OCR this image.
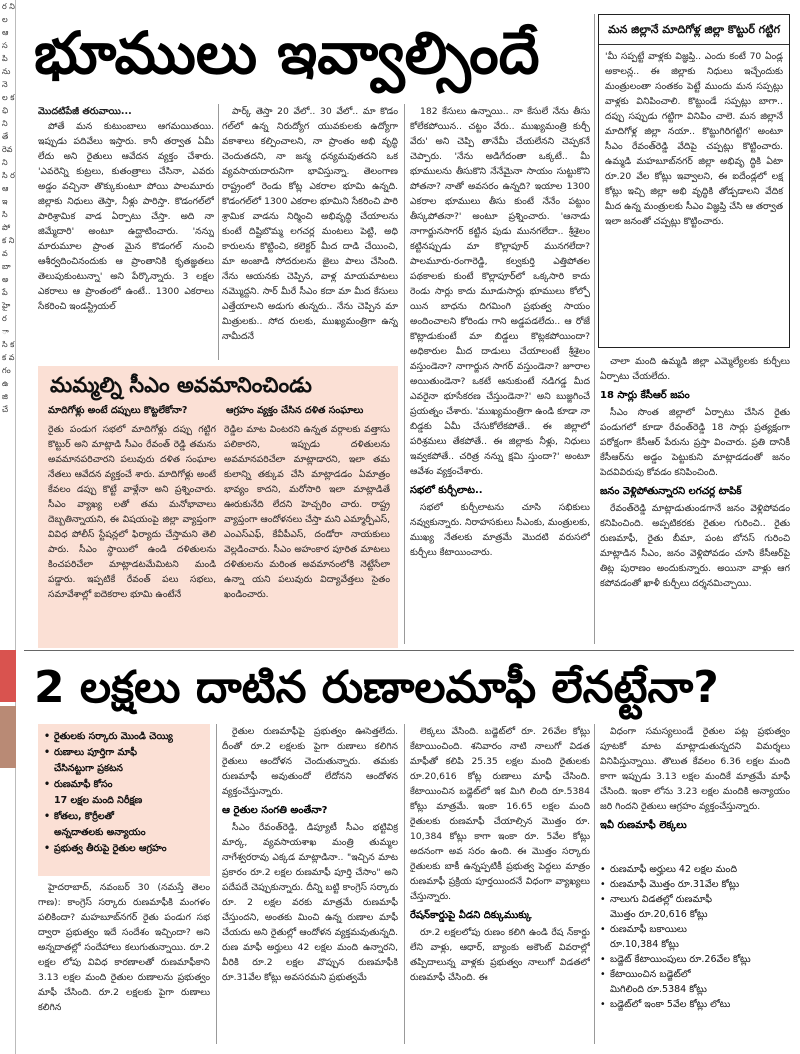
ర ని ల ఆ స పి ను నె ల క ఛి ని తే రెవ ని సి ర ఆ ఇ సి పో క ని వ బా అ పే హై ర ా సి క క వ గం ఉ జి చే
భూములు ఇవ్వాల్సిందే

మొదటిపేజీ తరువాయి...

పోతే మన కుటుంబాలు ఆగమయితయి. ఇప్పుడు పదివేలు ఇస్తారు. కానీ తర్వాత ఏమీ లేదు అని రైతులు ఆవేదన వ్యక్తం చేశారు. 'ఎవరెన్ని కుట్రలు, కుతంత్రాలు చేసినా, ఎవరు అడ్డం వచ్చినా తొక్కుకుంటూ పోయి పాలమూరు జిల్లాకు నిధులు తెస్తా, నీళ్లు పారిస్తా. కొడంగల్‌లో పారిశ్రామిక వాడ ఏర్పాటు చేస్తా. అది నా జిమ్మేదారి' అంటూ ఉద్ఘాటించారు. 'నన్ను మారుమూల ప్రాంత మైన కొడంగల్ నుంచి ఆశీర్వదించినందుకు ఆ ప్రాంతానికి కృతజ్ఞతలు తెలుపుకుంటున్నా' అని పేర్కొన్నారు. 3 లక్షల ఎకరాలు ఆ ప్రాంతంలో ఉంటే.. 1300 ఎకరాలు సేకరించి ఇండస్ట్రియల్

పార్క్ తెస్తా 20 వేలో.. 30 వేలో.. మా కొడం గల్‌లో ఉన్న నిరుద్యోగ యువకులకు ఉద్యోగా వకాశాలు కల్పించాలని, నా ప్రాంతం అభి వృద్ధి చెందుతదని, నా జన్మ ధన్యమవుతదని ఒక వ్యవసాయదారునిగా భావిస్తున్నా. తెలంగాణ రాష్ట్రంలో రెండు కోట్ల ఎకరాల భూమి ఉన్నది. కొడంగల్‌లో 1300 ఎకరాల భూమిని సేకరించి పారి శ్రామిక వాడను నిర్మించి అభివృద్ధి చేయాలను కుంటే దిష్టిబొమ్మ లగచర్ల మంటలు పెట్టి, అధి కారులను కొట్టించి, కలెక్టర్ మీద దాడి చేయించి, మా అంజాడి సోదరులను జైలు పాలు చేసింది. నేను ఆయనకు చెప్పిన, వాళ్ల మాయమాటలు నమ్మొద్దని. సార్ మీరే సీఎం కదా మా మీద కేసులు ఎత్తేయాలని అడుగు తున్నరు.. నేను చెప్పిన మా మిత్రులకు.. సోద రులకు, ముఖ్యమంత్రిగా ఉన్న నామీదనే

182 కేసులు ఉన్నాయి.. నా కేసులే నేను తీసు కోలేకపోయిన.. చట్టం వేరు.. ముఖ్యమంత్రి కుర్చీ వేరు' అని చెప్పి తానేమీ చేయలేనని చెప్పకనే చెప్పారు. 'నేను అడిగేదంతా ఒక్కటే.. మీ భూములను తీసుకొని నేనేమైనా సాయం సుట్టుకొని పోతనా? నాతో అవసరం ఉన్నది? ఇయాల 1300 ఎకరాల భూములు తీసు కుంటే నేనేం పట్టుం తీస్కపోతనా?' అంటూ ప్రశ్నించారు. 'ఆనాడు నాగార్జునసాగర్ కట్టిన పుడు మునగలేదా.. శ్రీశైలం కట్టినప్పుడు మా కొల్లాపూర్ మునగలేదా? పాలమూరు-రంగారెడ్డి, కల్వకుర్తి ఎత్తిపోతల పథకాలకు కుంటే కొల్లాపూర్‌లో ఒక్కసారి కాదు రెండు సార్లు కాదు మూడుసార్లు భూములు కోల్పో యిన బాధను దిగమింగి ప్రభుత్వ సాయం అందించాలని కోరిండు గాని అడ్డపడలేదు.. ఆ రోజే కొట్లాడుకుంటే మా బిడ్డలు కొట్లకపోయిందా? అధికారుల మీద దాడులు చేయాలంటే శ్రీశైలం వస్తుండెనా? నాగార్జున సాగర్ వస్తుండెనా? జూరాల అయితుండెనా? ఒకటే ఆనుకుంటే నడిగడ్డ మీద ఎవరైనా భూసేకరణ చేస్తుండెనా?' అని బుజ్జగించే ప్రయత్నం చేశారు. 'ముఖ్యమంత్రిగా ఉండి కూడా నా బిడ్డకు ఏమీ చేసుకోలేకపోతే.. ఈ జిల్లాలో పరిశ్రమలు తేకపోతే.. ఈ జిల్లాకు నీళ్లు, నిధులు ఇవ్వకపోతే.. చరిత్ర నన్ను క్షమి స్తుందా?' అంటూ ఆవేశం వ్యక్తంచేశారు.

సభలో కుర్చీలాట..

సభలో కుర్చీలాటను చూసి సభికులు నవ్వుకున్నారు. నిరాహసకులు సీఎంకు, మంత్రులకు, ముఖ్య నేతలకు మాత్రమే మొదటి వరుసలో కుర్చీలు కేటాయించారు.

మన జిల్లానే మాదిగోళ్ల జిల్లా కొట్టుర్ గట్టిగ
'మీ సప్పట్టే వాళ్లకు విజ్ఞప్తి.. ఎందు కంటే 70 ఏండ్ల అకాలన్ల.. ఈ జిల్లాకు నిధులు ఇచ్చేందుకు మంత్రులంతా సంతకం పెట్టే ముందు మన సప్పట్లు వాళ్లకు వినిపించాలి. కొట్టుండే సప్పట్లు బాగా.. దప్పు సప్పుడు గట్టిగా వినిపిం చాలె. మన జిల్లానే మాదిగోళ్ల జిల్లా నయా.. కొట్టుగిరిగట్టిగ' అంటూ సీఎం రేవంత్‌రెడ్డి వేదిపై చప్పట్లు కొట్టించారు. ఉమ్మడి మహబూబ్‌నగర్ జిల్లా అభివృ ద్ధికి ఏటా రూ.20 వేల కోట్లు ఇవ్వాలని, ఈ ఐదేండ్లలో లక్ష కోట్లు ఇచ్చి జిల్లా అభి వృద్ధికి తోడ్పడాలని వేదిక మీద ఉన్న మంత్రులకు సీఎం విజ్ఞప్తి చేసి ఆ తర్వాత ఇలా జనంతో చప్పట్లు కొట్టించారు.

చాలా మంది ఉమ్మడి జిల్లా ఎమ్మెల్యేలకు కుర్చీలు ఏర్పాటు చేయలేదు.

18 సార్లు కేసీఆర్ జపం

సీఎం సొంత జిల్లాలో ఏర్పాటు చేసిన రైతు పండుగలో కూడా రేవంత్‌రెడ్డి 18 సార్లు ప్రత్యక్షంగా పరోక్షంగా కేసీఆర్ పేరును ప్రస్తా వించారు. ప్రతి దానికీ కేసీఆర్‌ను అడ్డం పెట్టుకుని మాట్లాడడంతో జనం పెదవివిరుపు కోవడం కనిపించింది.

జనం వెళ్లిపోతున్నారని లగచర్ల టాపిక్

రేవంత్‌రెడ్డి మాట్లాడుతుండగానే జనం వెళ్లిపోవడం కనిపించింది. అప్పటికరకు రైతుల గురించి.. రైతు రుణమాఫీ, రైతు బీమా, పంట బోనస్ గురించి మాట్లాడిన సీఎం, జనం వెళ్లిపోవడం చూసి కేసీఆర్‌పై తిట్ల పురాణం అందుకున్నారు. అయినా వాళ్లు ఆగ కపోవడంతో ఖాళీ కుర్చీలు దర్శనమిచ్చాయి.

మమ్మల్ని సీఎం అవమానించిండు
మాదిగోళ్లు అంటే దప్పులు కొట్టలేకోనా?	ఆగ్రహం వ్యక్తం చేసిన దళిత సంఘాలు
రైతు పండుగ సభలో మాదిగోళ్లు దప్పు గట్టిగ కొట్టుర్ అని మాట్లాడి సీఎం రేవంత్ రెడ్డి తమను అవమానపరిచారని పలువురు దళిత సంఘాల నేతలు ఆవేదన వ్యక్తంచే శారు. మాదిగోళ్లు అంటే కేవలం డప్పు కొట్టే వాళ్లేనా అని ప్రశ్నించారు. సీఎం వ్యాఖ్య లతో తమ మనోభావాలు దెబ్బతిన్నాయని, ఈ విషయంపై జిల్లా వ్యాప్తంగా వివిధ పోలీస్ స్టేషన్లలో ఫిర్యాదు చేస్తామని తెలి పారు. సీఎం స్థాయిలో ఉండి దళితులను కించపరిచేలా మాట్లాడటమేమిటని మండి పడ్డారు. ఇప్పటికే రేవంత్ పలు సభలు, సమావేశాల్లో ఐదెకరాల భూమి ఉంటేనే
రెడ్డిల మాట వింటరని ఉన్నత వర్గాలకు వత్తాసు పలికారని, ఇప్పుడు దళితులను అవమానపరిచేలా మాట్లాడారని, ఇలా తమ కులాన్ని తక్కువ చేసి మాట్లాడడం ఏమాత్రం భావ్యం కాదని, మరోసారి ఇలా మాట్లాడితే ఊరుకునేది లేదని హెచ్చరిం చారు. రాష్ట్ర వ్యాప్తంగా ఆందోళనలు చేస్తా మని ఎమ్మార్పీఎస్, ఎంఎస్ఎఫ్, కేవీపీఎస్, దండోరా నాయకులు వెల్లడించారు. సీఎం అహంకార పూరిత మాటలు దళితులను మరింత అవమానంలోకి నెట్టేసేలా ఉన్నా యని పలువురు విద్యావేత్తలు సైతం ఖండించారు.
2 లక్షలు దాటిన రుణాలమాఫీ లేనట్టేనా?
• రైతులకు సర్కారు మొండి చెయ్యి
• రుణాలు పూర్తిగా మాఫీ
చేసినట్టుగా ప్రకటన
• రుణమాఫీ కోసం
17 లక్షల మంది నిరీక్షణ
• కోతలు, కొర్రీలతో
అన్నదాతలకు అన్యాయం
• ప్రభుత్వ తీరుపై రైతుల ఆగ్రహం

హైదరాబాద్, నవంబర్ 30 (నమస్తే తెలం గాణ): కాంగ్రెస్ సర్కారు రుణమాఫీకి మంగళం పలికిందా? మహబూబ్‌నగర్ రైతు పండుగ సభ ద్వారా ప్రభుత్వం ఇదే సందేశం ఇచ్చిందా? అని అన్నదాతల్లో సందేహాలు కలుగుతున్నాయి. రూ.2 లక్షల లోపు వివిధ కారణాలతో రుణమాఫీకాని 3.13 లక్షల మంది రైతుల రుణాలను ప్రభుత్వం మాఫీ చేసింది. రూ.2 లక్షలకు పైగా రుణాలు కలిగిన

రైతుల రుణమాఫీపై ప్రభుత్వం ఊసెత్తలేదు. దీంతో రూ.2 లక్షలకు పైగా రుణాలు కలిగిన రైతులు ఆందోళన చెందుతున్నారు. తమకు రుణమాఫీ అవుతుందో లేదోనని ఆందోళన వ్యక్తంచేస్తున్నారు.

ఆ రైతుల సంగతి అంతేనా?

సీఎం రేవంత్‌రెడ్డి, డిప్యూటీ సీఎం భట్టివిక్ర మార్క, వ్యవసాయశాఖ మంత్రి తుమ్మల నాగేశ్వరరావు ఎక్కడ మాట్లాడినా.. "ఇచ్చిన మాట ప్రకారం రూ.2 లక్షల రుణమాఫీ పూర్తి చేసాం" అని పదేపదే చెప్పుకున్నారు. దీన్ని బట్టి కాంగ్రెస్ సర్కారు రూ. 2 లక్షల వరకు మాత్రమే రుణమాఫీ చేస్తుందని, అంతకు మించి ఉన్న రుణాల మాఫీ చేయదు అని రైతుల్లో ఆందోళన వ్యక్తమవుతున్నది. రుణ మాఫీ అర్హులు 42 లక్షల మంది ఉన్నారని, వీరికి రూ.2 లక్షల వొప్పున రుణమాఫీకి రూ.31వేల కోట్లు అవసరమని ప్రభుత్వమే

లెక్కలు వేసింది. బడ్జెట్‌లో రూ. 26వేల కోట్లు కేటాయించింది. శనివారం నాటి నాలుగో విడత మాఫీతో కలిపి 25.35 లక్షల మంది రైతులకు రూ.20,616 కోట్ల రుణాలు మాఫీ చేసింది. కేటాయించిన బడ్జెట్‌లో ఇక మిగి లింది రూ.5384 కోట్లు మాత్రమే. ఇంకా 16.65 లక్షల మంది రైతులకు రుణమాఫీ చేయాల్సిన మొత్తం రూ. 10,384 కోట్లు కాగా ఇంకా రూ. 5వేల కోట్లు అదనంగా అవ సరం ఉంది. ఈ మొత్తం సర్కారు రైతులకు బాకీ ఉన్నప్పటికీ ప్రభుత్వ పెద్దలు మాత్రం రుణమాఫీ ప్రక్రియ పూర్తయిందనే విధంగా వ్యాఖ్యలు చేస్తున్నారు.

రేషన్‌కార్డుపై వీడని దిక్కుముక్కు

రూ.2 లక్షలలోపు రుణం కలిగి ఉండి రేష న్‌కార్డు లేని వాళ్లు, ఆధార్, బ్యాంకు అకౌంట్ వివరాల్లో తప్పిదాలున్న వాళ్లకు ప్రభుత్వం నాలుగో విడతలో రుణమాఫీ చేసింది. ఈ

విధంగా సమస్యలుండే రైతుల పట్ల ప్రభుత్వం పూటకో మాట మాట్లాడుతున్నదని విమర్శలు వినిపిస్తున్నాయి. తొలుత కేవలం 6.36 లక్షల మంది కాగా ఇప్పుడు 3.13 లక్షల మందికే మాత్రమే మాఫీ చేసింది. ఇంకా లోను 3.23 లక్షల మందికి అన్యాయం జరి గిందని రైతులు ఆగ్రహం వ్యక్తంచేస్తున్నారు.

ఇవీ రుణమాఫీ లెక్కలు

• రుణమాఫీ అర్హులు 42 లక్షల మంది
• రుణమాఫీ మొత్తం రూ.31వేల కోట్లు
• నాలుగు విడతల్లో రుణమాఫీ
మొత్తం రూ.20,616 కోట్లు
• రుణమాఫీ బకాయిలు
రూ.10,384 కోట్లు
• బడ్జెట్ కేటాయింపులు రూ.26వేల కోట్లు
• కేటాయించిన బడ్జెట్‌లో
మిగిలింది రూ.5384 కోట్లు
• బడ్జెట్‌లో ఇంకా 5వేల కోట్లు లోటు
